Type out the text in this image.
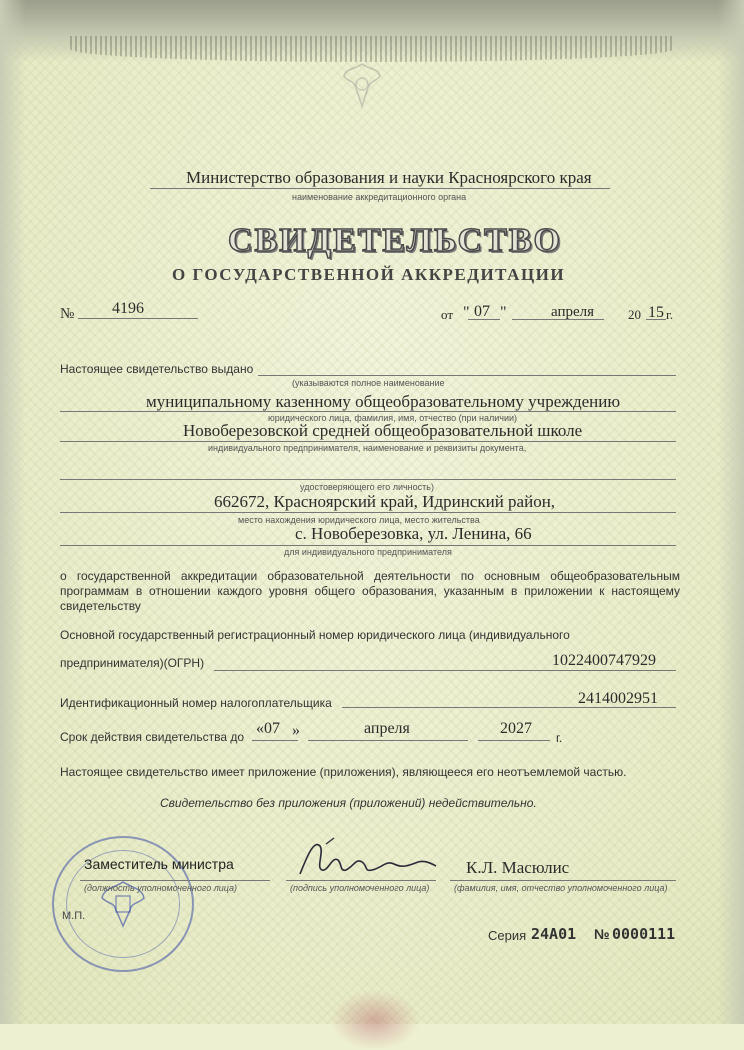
Министерство образования и науки Красноярского края
наименование аккредитационного органа
СВИДЕТЕЛЬСТВО
О ГОСУДАРСТВЕННОЙ АККРЕДИТАЦИИ
№ 4196	от " 07 "	апреля	20 15 г.
Настоящее свидетельство выдано
(указываются полное наименование
муниципальному казенному общеобразовательному учреждению
юридического лица, фамилия, имя, отчество (при наличии)
Новоберезовской средней общеобразовательной школе
индивидуального предпринимателя, наименование и реквизиты документа,
удостоверяющего его личность)
662672, Красноярский край, Идринский район,
место нахождения юридического лица, место жительства
с. Новоберезовка, ул. Ленина, 66
для индивидуального предпринимателя
о государственной аккредитации образовательной деятельности по основным общеобразовательным программам в отношении каждого уровня общего образования, указанным в приложении к настоящему свидетельству
Основной государственный регистрационный номер юридического лица (индивидуального
предпринимателя)(ОГРН)	1022400747929
Идентификационный номер налогоплательщика	2414002951
Срок действия свидетельства до «07 »	апреля	2027
г.
Настоящее свидетельство имеет приложение (приложения), являющееся его неотъемлемой частью.
Свидетельство без приложения (приложений) недействительно.
Заместитель министра
(должность уполномоченного лица)	(подпись уполномоченного лица)
К.Л. Масюлис
(фамилия, имя, отчество уполномоченного лица)
М.П.
Серия 24А01 № 0000111
